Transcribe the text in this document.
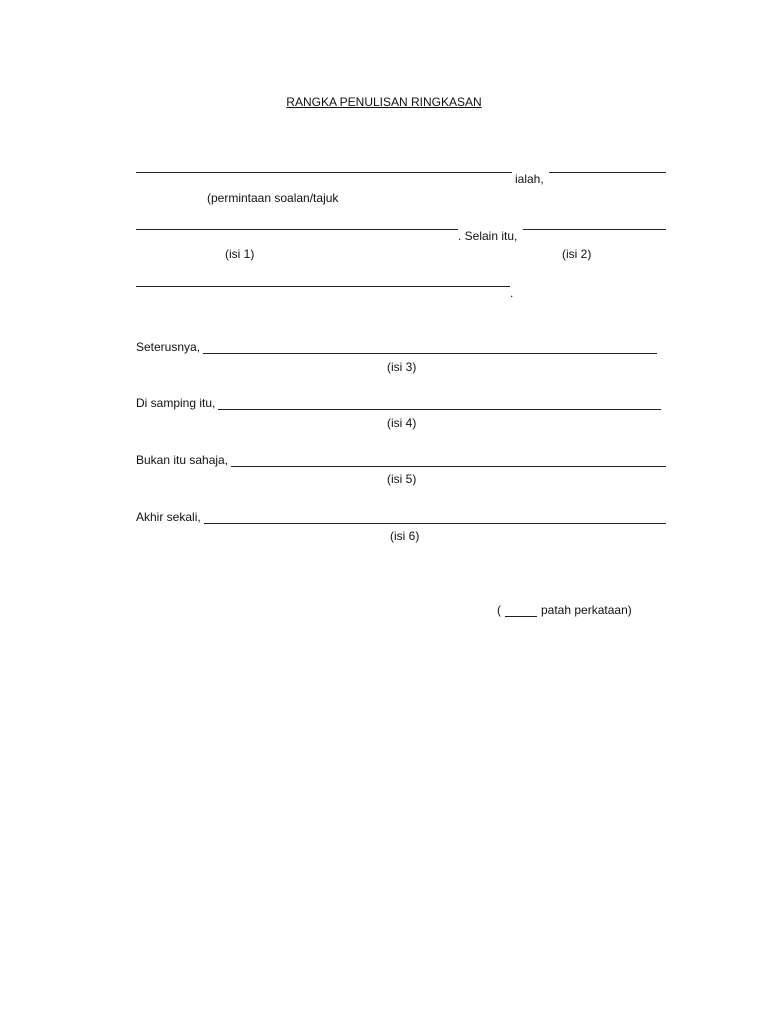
RANGKA PENULISAN RINGKASAN
ialah,
(permintaan soalan/tajuk
. Selain itu,
(isi 1)	(isi 2)
.
Seterusnya,
(isi 3)
Di samping itu,
(isi 4)
Bukan itu sahaja,
(isi 5)
Akhir sekali,
(isi 6)
(	patah perkataan)
